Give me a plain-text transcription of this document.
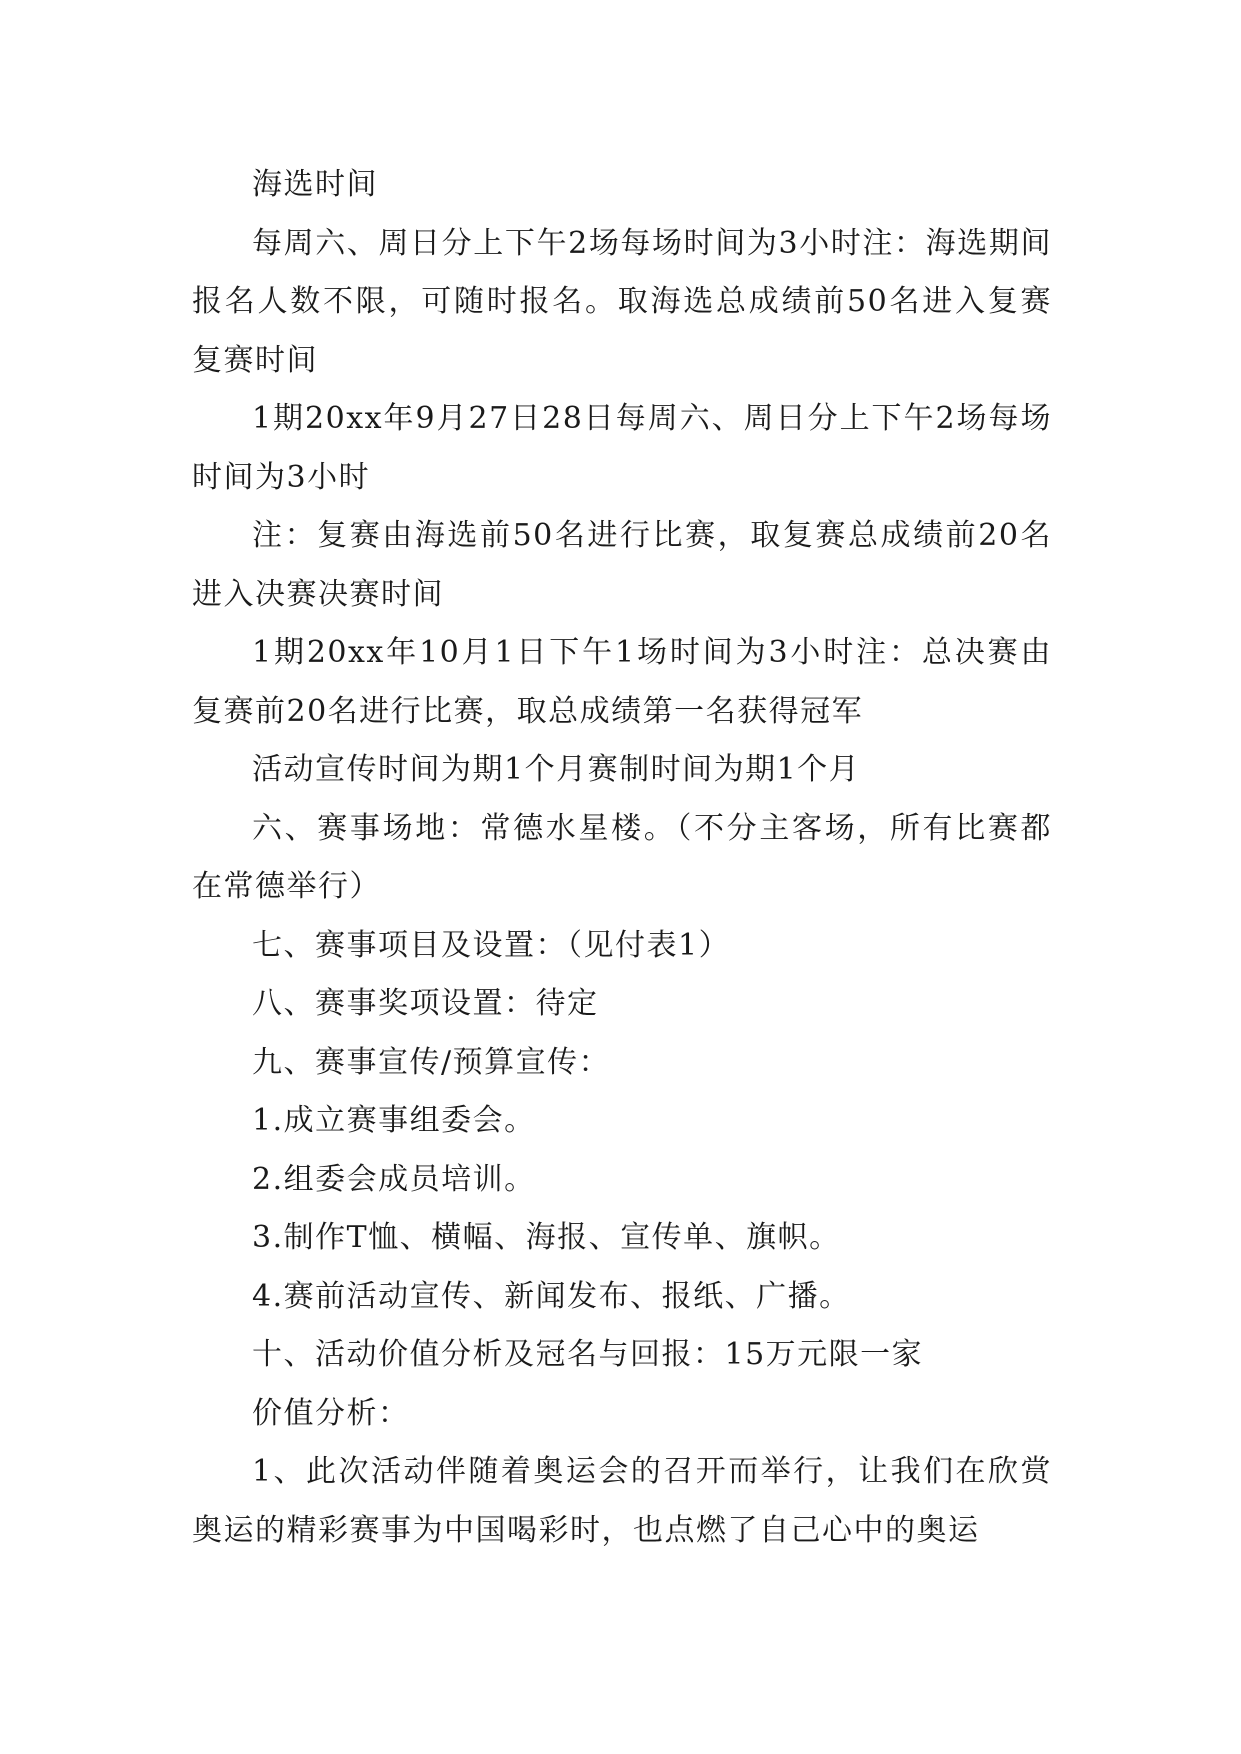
海选时间

每周六、周日分上下午2场每场时间为3小时注：海选期间报名人数不限，可随时报名。取海选总成绩前50名进入复赛复赛时间

1期20xx年9月27日28日每周六、周日分上下午2场每场时间为3小时

注：复赛由海选前50名进行比赛，取复赛总成绩前20名进入决赛决赛时间

1期20xx年10月1日下午1场时间为3小时注：总决赛由复赛前20名进行比赛，取总成绩第一名获得冠军

活动宣传时间为期1个月赛制时间为期1个月

六、赛事场地：常德水星楼。（不分主客场，所有比赛都在常德举行）

七、赛事项目及设置：（见付表1）

八、赛事奖项设置：待定

九、赛事宣传/预算宣传：

1.成立赛事组委会。

2.组委会成员培训。

3.制作T恤、横幅、海报、宣传单、旗帜。

4.赛前活动宣传、新闻发布、报纸、广播。

十、活动价值分析及冠名与回报：15万元限一家

价值分析：

1、此次活动伴随着奥运会的召开而举行，让我们在欣赏奥运的精彩赛事为中国喝彩时，也点燃了自己心中的奥运
